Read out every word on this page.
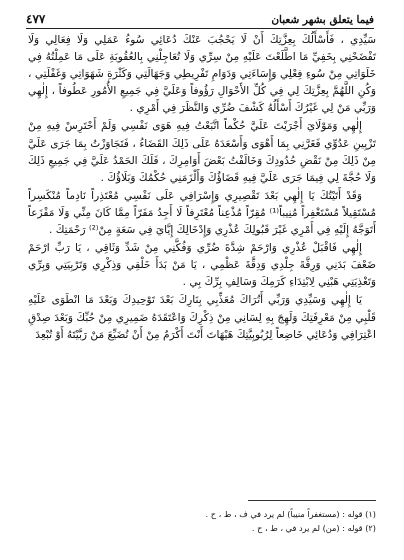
٤٧٧	فيما يتعلق بشهر شعبان

سَيِّدِي ، فَأَسْأَلُكَ بِعِزَّتِكَ أَنْ لَا يَحْجُبَ عَنْكَ دُعَائِي سُوءُ عَمَلِي وَلَا فِعَالِي وَلَا تَفْضَحْنِي بِخَفِيِّ مَا اطَّلَعْتَ عَلَيْهِ مِنْ سِرِّي وَلَا تُعَاجِلْنِي بِالعُقُوبَةِ عَلَى مَا عَمِلْتُهُ فِي خَلَوَاتِي مِنْ سُوءِ فِعْلِي وَإِسَاءَتِي وَدَوَامِ تَفْرِيطِي وَجَهَالَتِي وَكَثْرَةِ شَهَوَاتِي وَغَفْلَتِي ، وَكُنِ اللَّهُمَّ بِعِزَّتِكَ لِي فِي كُلِّ الأَحْوَالِ رَؤُوفاً وَعَلَيَّ فِي جَمِيعِ الأُمُورِ عَطُوفاً ، إِلٰهِي وَرَبِّي مَنْ لِي غَيْرُكَ أَسْأَلُهُ كَشْفَ ضُرِّي وَالنَّظَرَ فِي أَمْرِي .

إِلٰهِي وَمَوْلَايَ أَجْرَيْتَ عَلَيَّ حُكْماً اتَّبَعْتُ فِيهِ هَوَى نَفْسِي وَلَمْ أَحْتَرِسْ فِيهِ مِنْ تَزْيِينِ عَدُوِّي فَغَرَّنِي بِمَا أَهْوَى وَأَسْعَدَهُ عَلَى ذَلِكَ القَضَاءُ ، فَتَجَاوَزْتُ بِمَا جَرَى عَلَيَّ مِنْ ذَلِكَ مِنْ نَقْضِ حُدُودِكَ وَخَالَفْتُ بَعْضَ أَوَامِرِكَ ، فَلَكَ الحَمْدُ عَلَيَّ فِي جَمِيعِ ذَلِكَ وَلَا حُجَّةَ لِي فِيمَا جَرَى عَلَيَّ فِيهِ قَضَاؤُكَ وَأَلْزَمَنِي حُكْمُكَ وَبَلَاؤُكَ .

وَقَدْ أَتَيْتُكَ يَا إِلٰهِي بَعْدَ تَقْصِيرِي وَإِسْرَافِي عَلَى نَفْسِي مُعْتَذِراً نَادِماً مُنْكَسِراً مُسْتَقِيلاً مُسْتَغْفِراً مُنِيباً⁽¹⁾ مُقِرّاً مُذْعِناً مُعْتَرِفاً لَا أَجِدُ مَفَرّاً مِمَّا كَانَ مِنِّي وَلَا مَفْزَعاً أَتَوَجَّهُ إِلَيْهِ فِي أَمْرِي غَيْرَ قَبُولِكَ عُذْرِي وَإِدْخَالِكَ إِيَّايَ فِي سَعَةٍ مِنْ⁽²⁾ رَحْمَتِكَ .

إِلٰهِي فَاقْبَلْ عُذْرِي وَارْحَمْ شِدَّةَ ضُرِّي وَفُكَّنِي مِنْ شَدِّ وَثَاقِي ، يَا رَبِّ ارْحَمْ ضَعْفَ بَدَنِي وَرِقَّةَ جِلْدِي وَدِقَّةَ عَظْمِي ، يَا مَنْ بَدَأَ خَلْقِي وَذِكْرِي وَتَرْبِيَتِي وَبِرِّي وَتَغْذِيَتِي هَبْنِي لِابْتِدَاءِ كَرَمِكَ وَسَالِفِ بِرِّكَ بِي .

يَا إِلٰهِي وَسَيِّدِي وَرَبِّي أَتُرَاكَ مُعَذِّبِي بِنَارِكَ بَعْدَ تَوْحِيدِكَ وَبَعْدَ مَا انْطَوَى عَلَيْهِ قَلْبِي مِنْ مَعْرِفَتِكَ وَلَهِجَ بِهِ لِسَانِي مِنْ ذِكْرِكَ وَاعْتَقَدَهُ ضَمِيرِي مِنْ حُبِّكَ وَبَعْدَ صِدْقِ اعْتِرَافِي وَدُعَائِي خَاضِعاً لِرُبُوبِيَّتِكَ هَيْهَاتَ أَنْتَ أَكْرَمُ مِنْ أَنْ تُضَيِّعَ مَنْ رَبَّيْتَهُ أَوْ تُبْعِدَ

(١) قوله : (مستغفراً منيباً) لم يرد في ف ، ط ، ح .

(٢) قوله : (من) لم يرد في ، ط ، ح .
